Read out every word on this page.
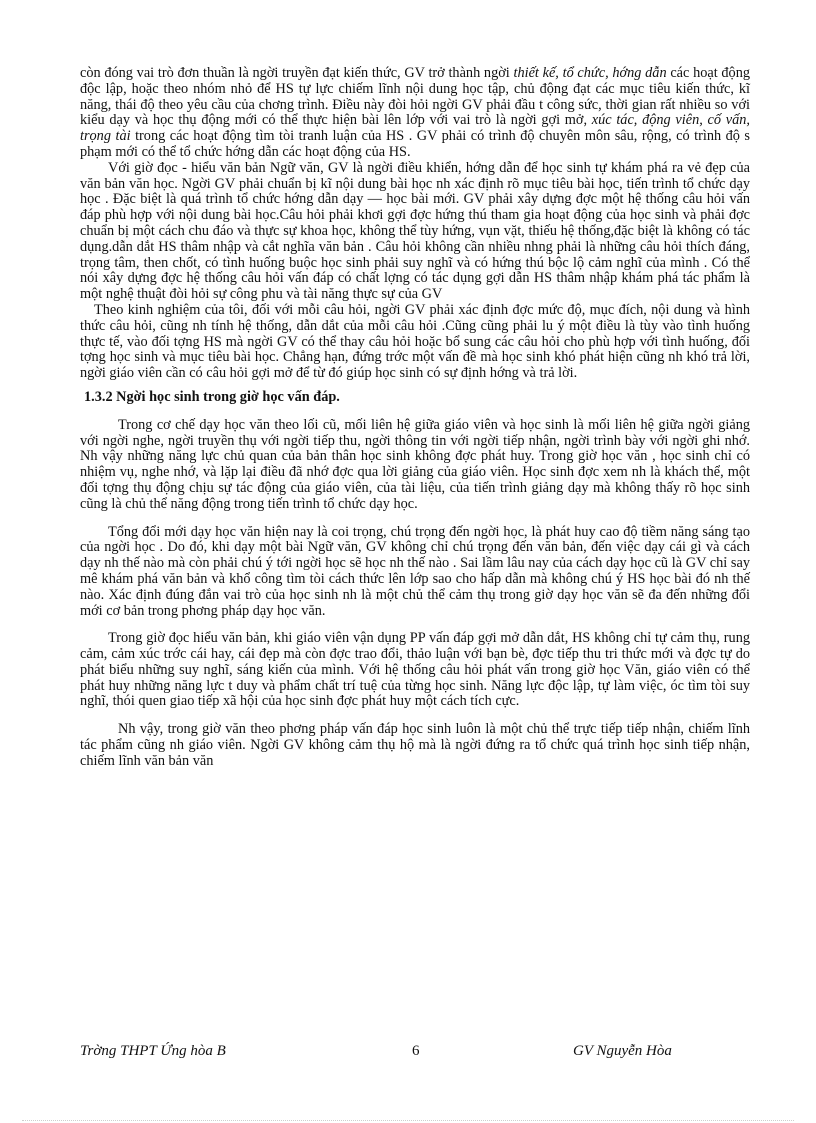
còn đóng vai trò đơn thuần là ngời truyền đạt kiến thức, GV trở thành ngời thiết kế, tổ chức, hớng dẫn các hoạt động độc lập, hoặc theo nhóm nhỏ để HS tự lực chiếm lĩnh nội dung học tập, chủ động đạt các mục tiêu kiến thức, kĩ năng, thái độ theo yêu cầu của chơng trình. Điều này đòi hỏi ngời GV phải đầu t công sức, thời gian rất nhiều so với kiểu dạy và học thụ động mới có thể thực hiện bài lên lớp với vai trò là ngời gợi mở, xúc tác, động viên, cố vấn, trọng tài trong các hoạt động tìm tòi tranh luận của HS . GV phải có trình độ chuyên môn sâu, rộng, có trình độ s phạm mới có thể tổ chức hớng dẫn các hoạt động của HS.

Với giờ đọc - hiểu văn bản Ngữ văn, GV là ngời điều khiển, hớng dẫn để học sinh tự khám phá ra vẻ đẹp của văn bản văn học. Ngời GV phải chuẩn bị kĩ nội dung bài học nh xác định rõ mục tiêu bài học, tiến trình tổ chức dạy học . Đặc biệt là quá trình tổ chức hớng dẫn dạy — học bài mới. GV phải xây dựng đợc một hệ thống câu hỏi vấn đáp phù hợp với nội dung bài học.Câu hỏi phải khơi gợi đợc hứng thú tham gia hoạt động của học sinh và phải đợc chuẩn bị một cách chu đáo và thực sự khoa học, không thể tùy hứng, vụn vặt, thiếu hệ thống,đặc biệt là không có tác dụng.dẫn dắt HS thâm nhập và cắt nghĩa văn bản . Câu hỏi không cần nhiều nhng phải là những câu hỏi thích đáng, trọng tâm, then chốt, có tình huống buộc học sinh phải suy nghĩ và có hứng thú bộc lộ cảm nghĩ của mình . Có thể nói xây dựng đợc hệ thống câu hỏi vấn đáp có chất lợng có tác dụng gợi dẫn HS thâm nhập khám phá tác phẩm là một nghệ thuật đòi hỏi sự công phu và tài năng thực sự của GV

Theo kinh nghiệm của tôi, đối với mỗi câu hỏi, ngời GV phải xác định đợc mức độ, mục đích, nội dung và hình thức câu hỏi, cũng nh tính hệ thống, dẫn dắt của mỗi câu hỏi .Cũng cũng phải lu ý một điều là tùy vào tình huống thực tế, vào đối tợng HS mà ngời GV có thể thay câu hỏi hoặc bổ sung các câu hỏi cho phù hợp với tình huống, đối tợng học sinh và mục tiêu bài học. Chẳng hạn, đứng trớc một vấn đề mà học sinh khó phát hiện cũng nh khó trả lời, ngời giáo viên cần có câu hỏi gợi mở để từ đó giúp học sinh có sự định hớng và trả lời.

1.3.2 Ngời học sinh trong giờ học vấn đáp.

Trong cơ chế dạy học văn theo lối cũ, mối liên hệ giữa giáo viên và học sinh là mối liên hệ giữa ngời giảng với ngời nghe, ngời truyền thụ với ngời tiếp thu, ngời thông tin với ngời tiếp nhận, ngời trình bày với ngời ghi nhớ. Nh vậy những năng lực chủ quan của bản thân học sinh không đợc phát huy. Trong giờ học văn , học sinh chỉ có nhiệm vụ, nghe nhớ, và lặp lại điều đã nhớ đợc qua lời giảng của giáo viên. Học sinh đợc xem nh là khách thể, một đối tợng thụ động chịu sự tác động của giáo viên, của tài liệu, của tiến trình giảng dạy mà không thấy rõ học sinh cũng là chủ thể năng động trong tiến trình tổ chức dạy học.

Tổng đổi mới dạy học văn hiện nay là coi trọng, chú trọng đến ngời học, là phát huy cao độ tiềm năng sáng tạo của ngời học . Do đó, khi dạy một bài Ngữ văn, GV không chỉ chú trọng đến văn bản, đến việc dạy cái gì và cách dạy nh thế nào mà còn phải chú ý tới ngời học sẽ học nh thế nào . Sai lầm lâu nay của cách dạy học cũ là GV chỉ say mê khám phá văn bản và khổ công tìm tòi cách thức lên lớp sao cho hấp dẫn mà không chú ý HS học bài đó nh thế nào. Xác định đúng đắn vai trò của học sinh nh là một chủ thể cảm thụ trong giờ dạy học văn sẽ đa đến những đổi mới cơ bản trong phơng pháp dạy học văn.

Trong giờ đọc hiểu văn bản, khi giáo viên vận dụng PP vấn đáp gợi mở dẫn dắt, HS không chỉ tự cảm thụ, rung cảm, cảm xúc trớc cái hay, cái đẹp mà còn đợc trao đổi, thảo luận với bạn bè, đợc tiếp thu tri thức mới và đợc tự do phát biểu những suy nghĩ, sáng kiến của mình. Với hệ thống câu hỏi phát vấn trong giờ học Văn, giáo viên có thể phát huy những năng lực t duy và phẩm chất trí tuệ của từng học sinh. Năng lực độc lập, tự làm việc, óc tìm tòi suy nghĩ, thói quen giao tiếp xã hội của học sinh đợc phát huy một cách tích cực.

Nh vậy, trong giờ văn theo phơng pháp vấn đáp học sinh luôn là một chủ thể trực tiếp tiếp nhận, chiếm lĩnh tác phẩm cũng nh giáo viên. Ngời GV không cảm thụ hộ mà là ngời đứng ra tổ chức quá trình học sinh tiếp nhận, chiếm lĩnh văn bản văn

Trờng THPT Ứng hòa B	6	GV Nguyễn Hòa
